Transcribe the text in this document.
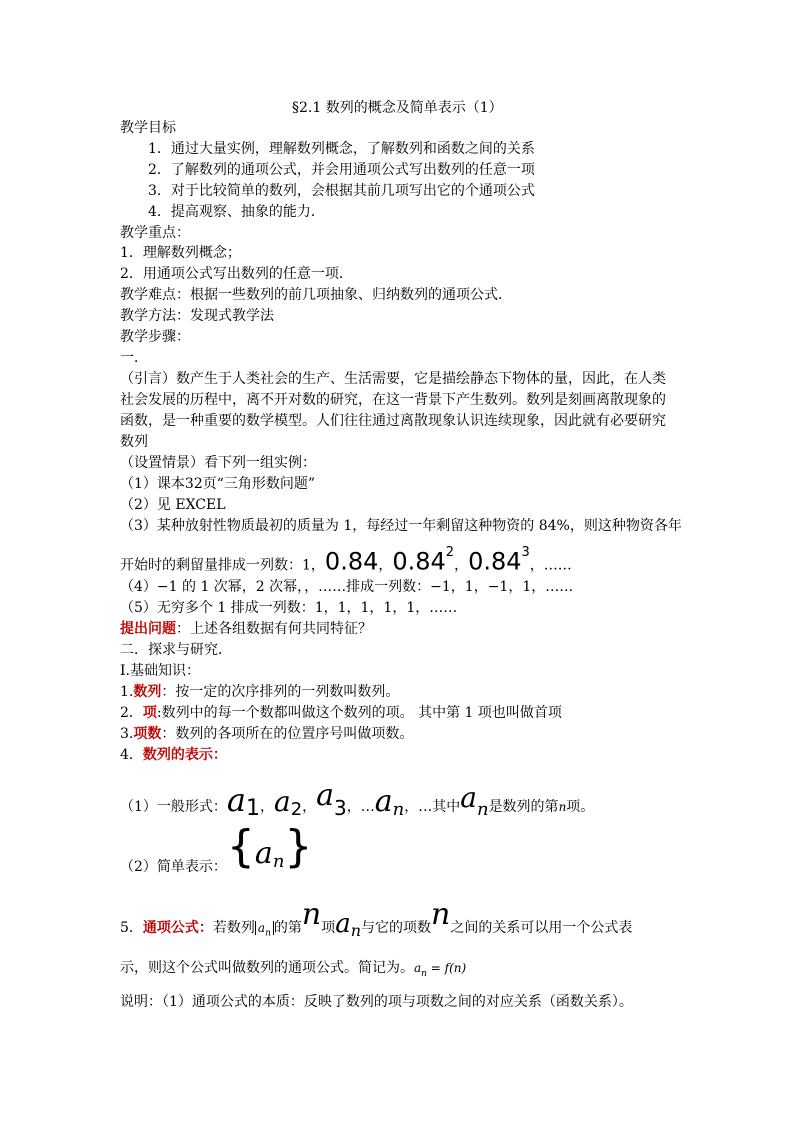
§2.1 数列的概念及简单表示（1）
教学目标
1．通过大量实例，理解数列概念，了解数列和函数之间的关系
2．了解数列的通项公式，并会用通项公式写出数列的任意一项
3．对于比较简单的数列，会根据其前几项写出它的个通项公式
4．提高观察、抽象的能力．
教学重点：
1．理解数列概念；
2．用通项公式写出数列的任意一项．
教学难点：根据一些数列的前几项抽象、归纳数列的通项公式．
教学方法：发现式教学法
教学步骤：
一．
（引言）数产生于人类社会的生产、生活需要，它是描绘静态下物体的量，因此，在人类
社会发展的历程中，离不开对数的研究，在这一背景下产生数列。数列是刻画离散现象的
函数，是一种重要的数学模型。人们往往通过离散现象认识连续现象，因此就有必要研究
数列
（设置情景）看下列一组实例：
（1）课本32页“三角形数问题”
（2）见 EXCEL
（3）某种放射性物质最初的质量为 1，每经过一年剩留这种物资的 84%，则这种物资各年
开始时的剩留量排成一列数：1，0.84，0.84$^2$，0.84$^3$，……
（4）−1 的 1 次幂，2 次幂，，……排成一列数：−1，1，−1，1，……
（5）无穷多个 1 排成一列数：1，1，1，1，1，……
提出问题：上述各组数据有何共同特征？
二．探求与研究．
Ⅰ.基础知识：
1.数列：按一定的次序排列的一列数叫数列。
2．项:数列中的每一个数都叫做这个数列的项。 其中第 1 项也叫做首项
3.项数：数列的各项所在的位置序号叫做项数。
4．数列的表示：
（1）一般形式：$a_1$，$a_2$，$a_3$，$\dots a_n$，…其中$a_n$是数列的第n项。
（2）简单表示：$\{a_n\}$
5．通项公式：若数列 $a_n$ 的第n项$a_n$与它的项数n之间的关系可以用一个公式表
示，则这个公式叫做数列的通项公式。简记为。$a_n = f(n)$
说明：（1）通项公式的本质：反映了数列的项与项数之间的对应关系（函数关系）。
